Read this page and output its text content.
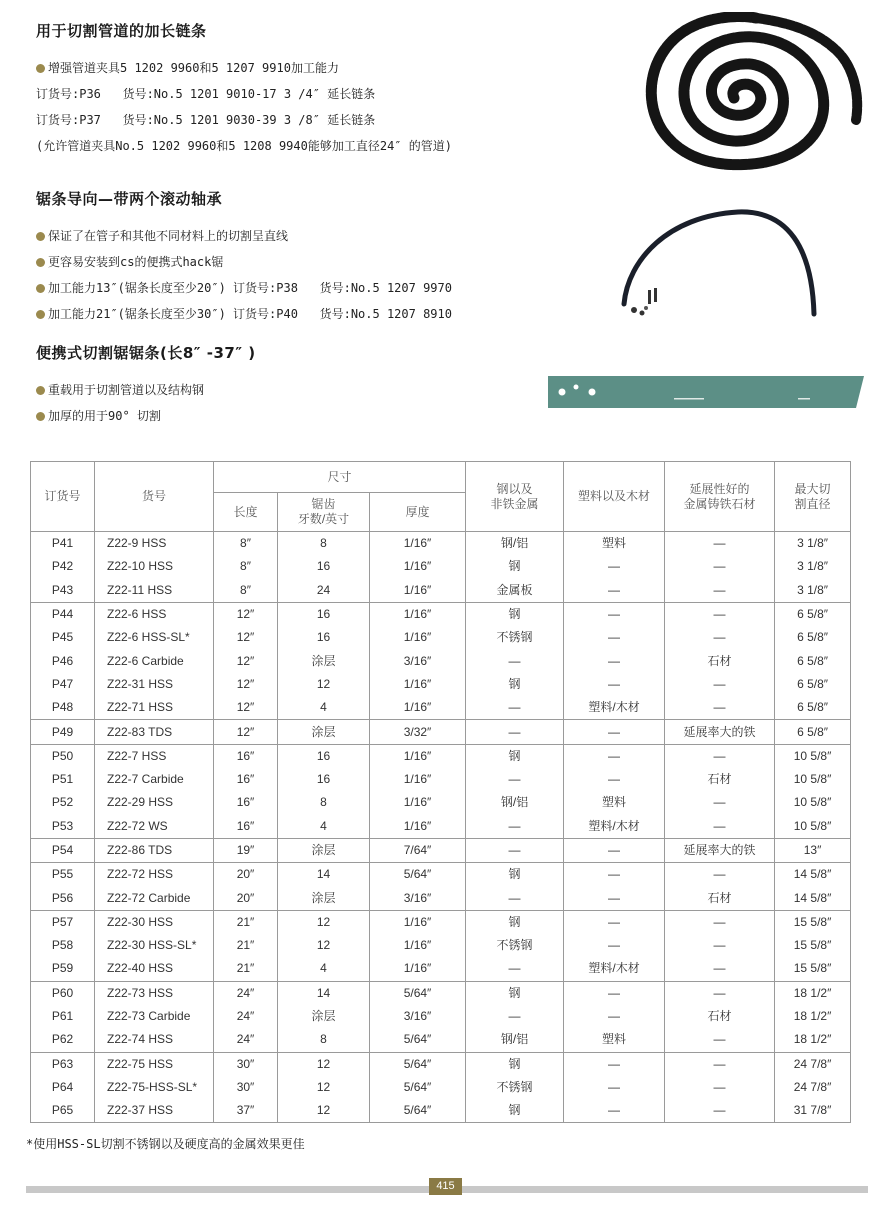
用于切割管道的加长链条
增强管道夹具5 1202 9960和5 1207 9910加工能力
订货号:P36   货号:No.5 1201 9010-17 3 /4″ 延长链条
订货号:P37   货号:No.5 1201 9030-39 3 /8″ 延长链条
(允许管道夹具No.5 1202 9960和5 1208 9940能够加工直径24″ 的管道)
锯条导向—带两个滚动轴承
保证了在管子和其他不同材料上的切割呈直线
更容易安装到cs的便携式hack锯
加工能力13″(锯条长度至少20″) 订货号:P38   货号:No.5 1207 9970
加工能力21″(锯条长度至少30″) 订货号:P40   货号:No.5 1207 8910
便携式切割锯锯条(长8″ -37″ )
重载用于切割管道以及结构钢
加厚的用于90° 切割
订货号	货号	尺寸			钢以及
非铁金属	塑料以及木材	延展性好的
金属铸铁石材	最大切
割直径
		长度	锯齿
牙数/英寸	厚度				
P41	Z22-9 HSS	8″	8	1/16″	钢/铝	塑料	—	3 1/8″
P42	Z22-10 HSS	8″	16	1/16″	钢	—	—	3 1/8″
P43	Z22-11 HSS	8″	24	1/16″	金属板	—	—	3 1/8″
P44	Z22-6 HSS	12″	16	1/16″	钢	—	—	6 5/8″
P45	Z22-6 HSS-SL*	12″	16	1/16″	不锈钢	—	—	6 5/8″
P46	Z22-6 Carbide	12″	涂层	3/16″	—	—	石材	6 5/8″
P47	Z22-31 HSS	12″	12	1/16″	钢	—	—	6 5/8″
P48	Z22-71 HSS	12″	4	1/16″	—	塑料/木材	—	6 5/8″
P49	Z22-83 TDS	12″	涂层	3/32″	—	—	延展率大的铁	6 5/8″
P50	Z22-7 HSS	16″	16	1/16″	钢	—	—	10 5/8″
P51	Z22-7 Carbide	16″	16	1/16″	—	—	石材	10 5/8″
P52	Z22-29 HSS	16″	8	1/16″	钢/铝	塑料	—	10 5/8″
P53	Z22-72 WS	16″	4	1/16″	—	塑料/木材	—	10 5/8″
P54	Z22-86 TDS	19″	涂层	7/64″	—	—	延展率大的铁	13″
P55	Z22-72 HSS	20″	14	5/64″	钢	—	—	14 5/8″
P56	Z22-72 Carbide	20″	涂层	3/16″	—	—	石材	14 5/8″
P57	Z22-30 HSS	21″	12	1/16″	钢	—	—	15 5/8″
P58	Z22-30 HSS-SL*	21″	12	1/16″	不锈钢	—	—	15 5/8″
P59	Z22-40 HSS	21″	4	1/16″	—	塑料/木材	—	15 5/8″
P60	Z22-73 HSS	24″	14	5/64″	钢	—	—	18 1/2″
P61	Z22-73 Carbide	24″	涂层	3/16″	—	—	石材	18 1/2″
P62	Z22-74 HSS	24″	8	5/64″	钢/铝	塑料	—	18 1/2″
P63	Z22-75 HSS	30″	12	5/64″	钢	—	—	24 7/8″
P64	Z22-75-HSS-SL*	30″	12	5/64″	不锈钢	—	—	24 7/8″
P65	Z22-37 HSS	37″	12	5/64″	钢	—	—	31 7/8″
*使用HSS-SL切割不锈钢以及硬度高的金属效果更佳
415
